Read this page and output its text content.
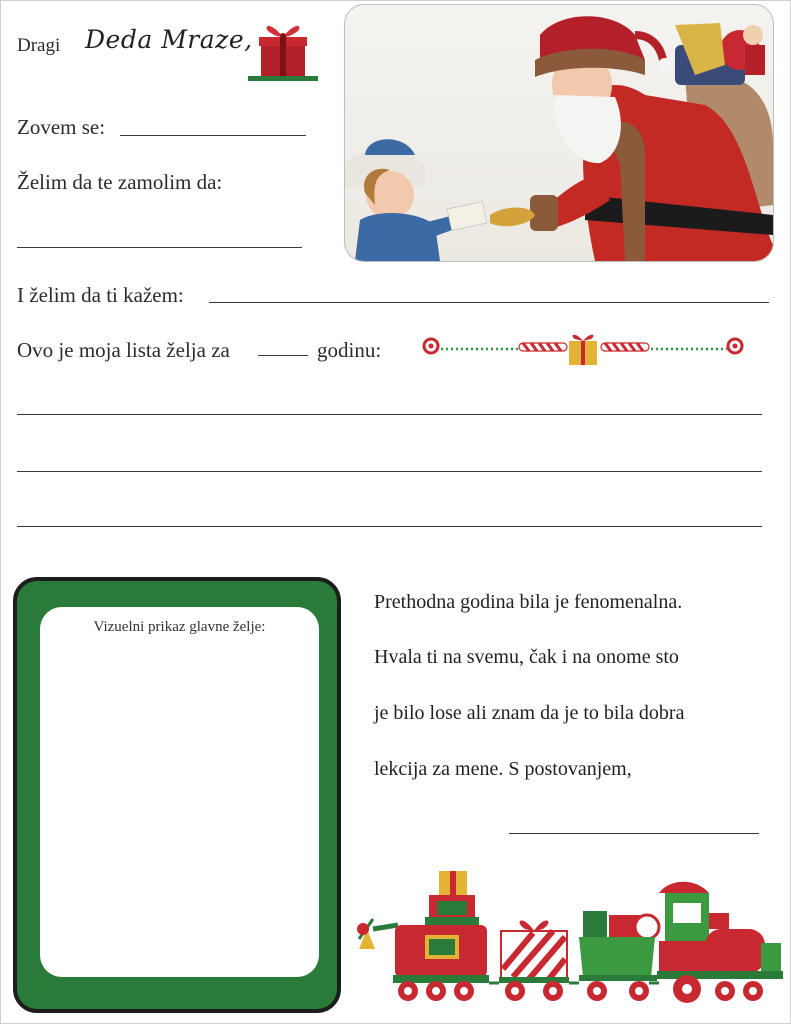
Dragi Deda Mraze,
Zovem se:
Želim da te zamolim da:
I želim da ti kažem:
Ovo je moja lista želja za	godinu:
Vizuelni prikaz glavne želje:
Prethodna godina bila je fenomenalna.
Hvala ti na svemu, čak i na onome sto
je bilo lose ali znam da je to bila dobra
lekcija za mene. S postovanjem,
